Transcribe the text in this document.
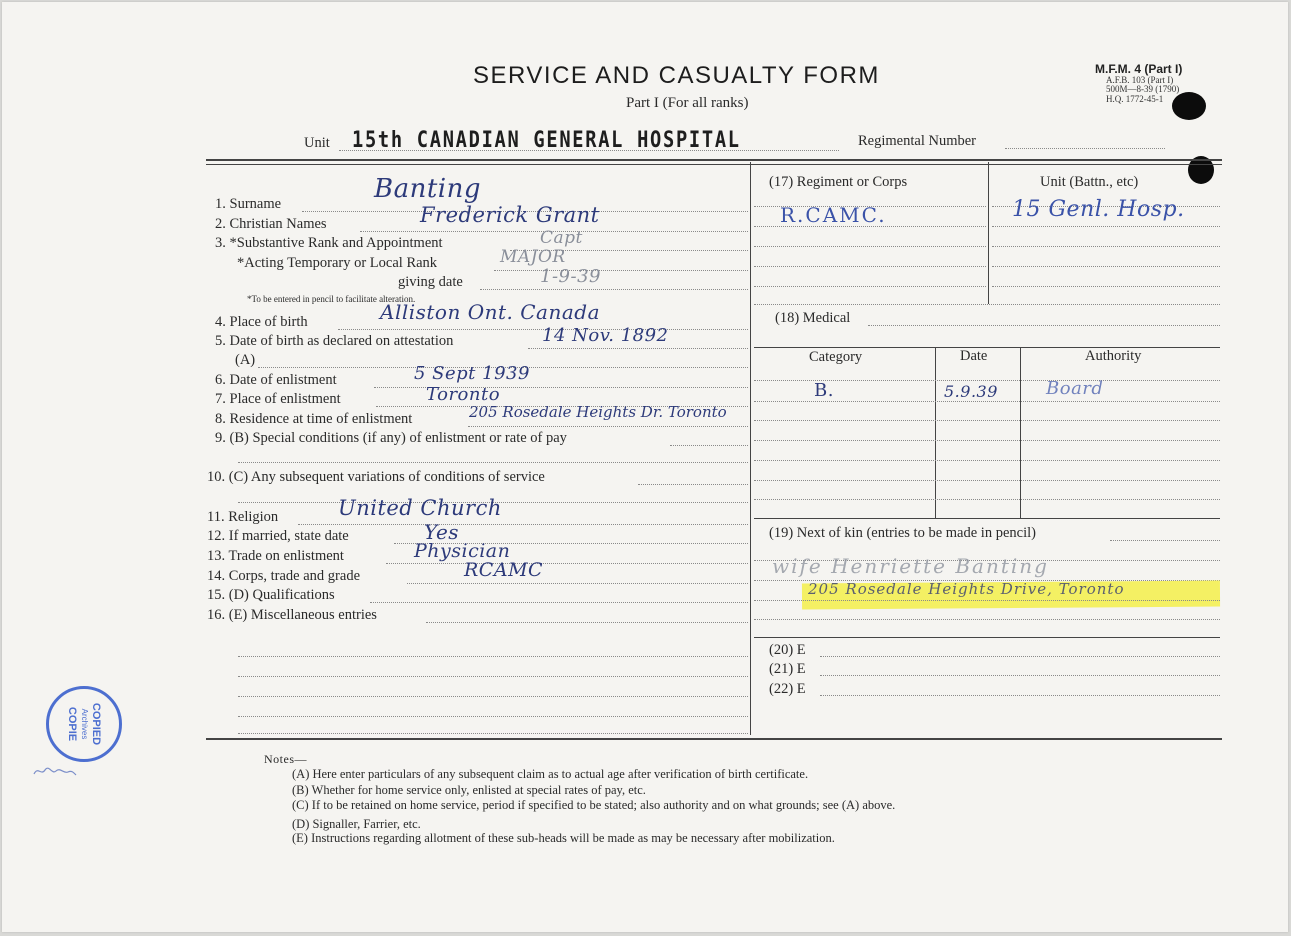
SERVICE AND CASUALTY FORM
Part I (For all ranks)
M.F.M. 4 (Part I)
A.F.B. 103 (Part I)
500M—8-39 (1790)
H.Q. 1772-45-1
Unit 15th CANADIAN GENERAL HOSPITAL	Regimental Number
1. Surname	Banting
2. Christian Names	Frederick Grant
3. *Substantive Rank and Appointment	Capt
*Acting Temporary or Local Rank	MAJOR
giving date	1-9-39
*To be entered in pencil to facilitate alteration.
4. Place of birth	Alliston Ont. Canada
5. Date of birth as declared on attestation	14 Nov. 1892
(A)
6. Date of enlistment	5 Sept 1939
7. Place of enlistment	Toronto
8. Residence at time of enlistment	205 Rosedale Heights Dr. Toronto
9. (B) Special conditions (if any) of enlistment or rate of pay
10. (C) Any subsequent variations of conditions of service
11. Religion	United Church
12. If married, state date	Yes
13. Trade on enlistment	Physician
14. Corps, trade and grade	RCAMC
15. (D) Qualifications
16. (E) Miscellaneous entries
(17) Regiment or Corps	Unit (Battn., etc)
R.CAMC.	15 Genl. Hosp.
(18) Medical
Category	Date	Authority
B.	5.9.39	Board
(19) Next of kin (entries to be made in pencil)
wife Henriette Banting
205 Rosedale Heights Drive, Toronto
(20) E
(21) E
(22) E
Notes—
(A) Here enter particulars of any subsequent claim as to actual age after verification of birth certificate.
(B) Whether for home service only, enlisted at special rates of pay, etc.
(C) If to be retained on home service, period if specified to be stated; also authority and on what grounds; see (A) above.
(D) Signaller, Farrier, etc.
(E) Instructions regarding allotment of these sub-heads will be made as may be necessary after mobilization.
COPIED
Archives
COPIE
